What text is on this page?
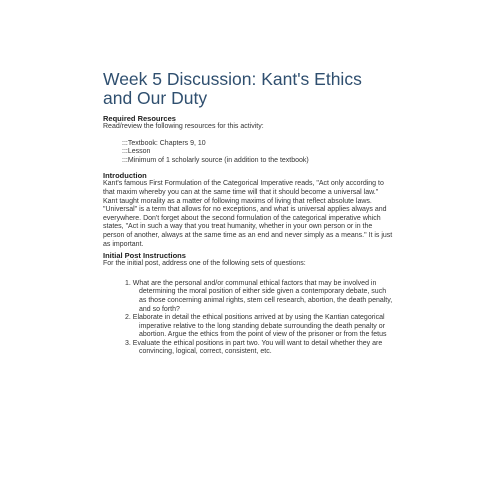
Week 5 Discussion: Kant's Ethics and Our Duty
Required Resources

Read/review the following resources for this activity:

:::Textbook: Chapters 9, 10
:::Lesson
:::Minimum of 1 scholarly source (in addition to the textbook)
Introduction

Kant's famous First Formulation of the Categorical Imperative reads, "Act only according to that maxim whereby you can at the same time will that it should become a universal law." Kant taught morality as a matter of following maxims of living that reflect absolute laws. "Universal" is a term that allows for no exceptions, and what is universal applies always and everywhere. Don't forget about the second formulation of the categorical imperative which states, "Act in such a way that you treat humanity, whether in your own person or in the person of another, always at the same time as an end and never simply as a means." It is just as important.

Initial Post Instructions

For the initial post, address one of the following sets of questions:

1. What are the personal and/or communal ethical factors that may be involved in determining the moral position of either side given a contemporary debate, such as those concerning animal rights, stem cell research, abortion, the death penalty, and so forth?
2. Elaborate in detail the ethical positions arrived at by using the Kantian categorical imperative relative to the long standing debate surrounding the death penalty or abortion. Argue the ethics from the point of view of the prisoner or from the fetus
3. Evaluate the ethical positions in part two. You will want to detail whether they are convincing, logical, correct, consistent, etc.
